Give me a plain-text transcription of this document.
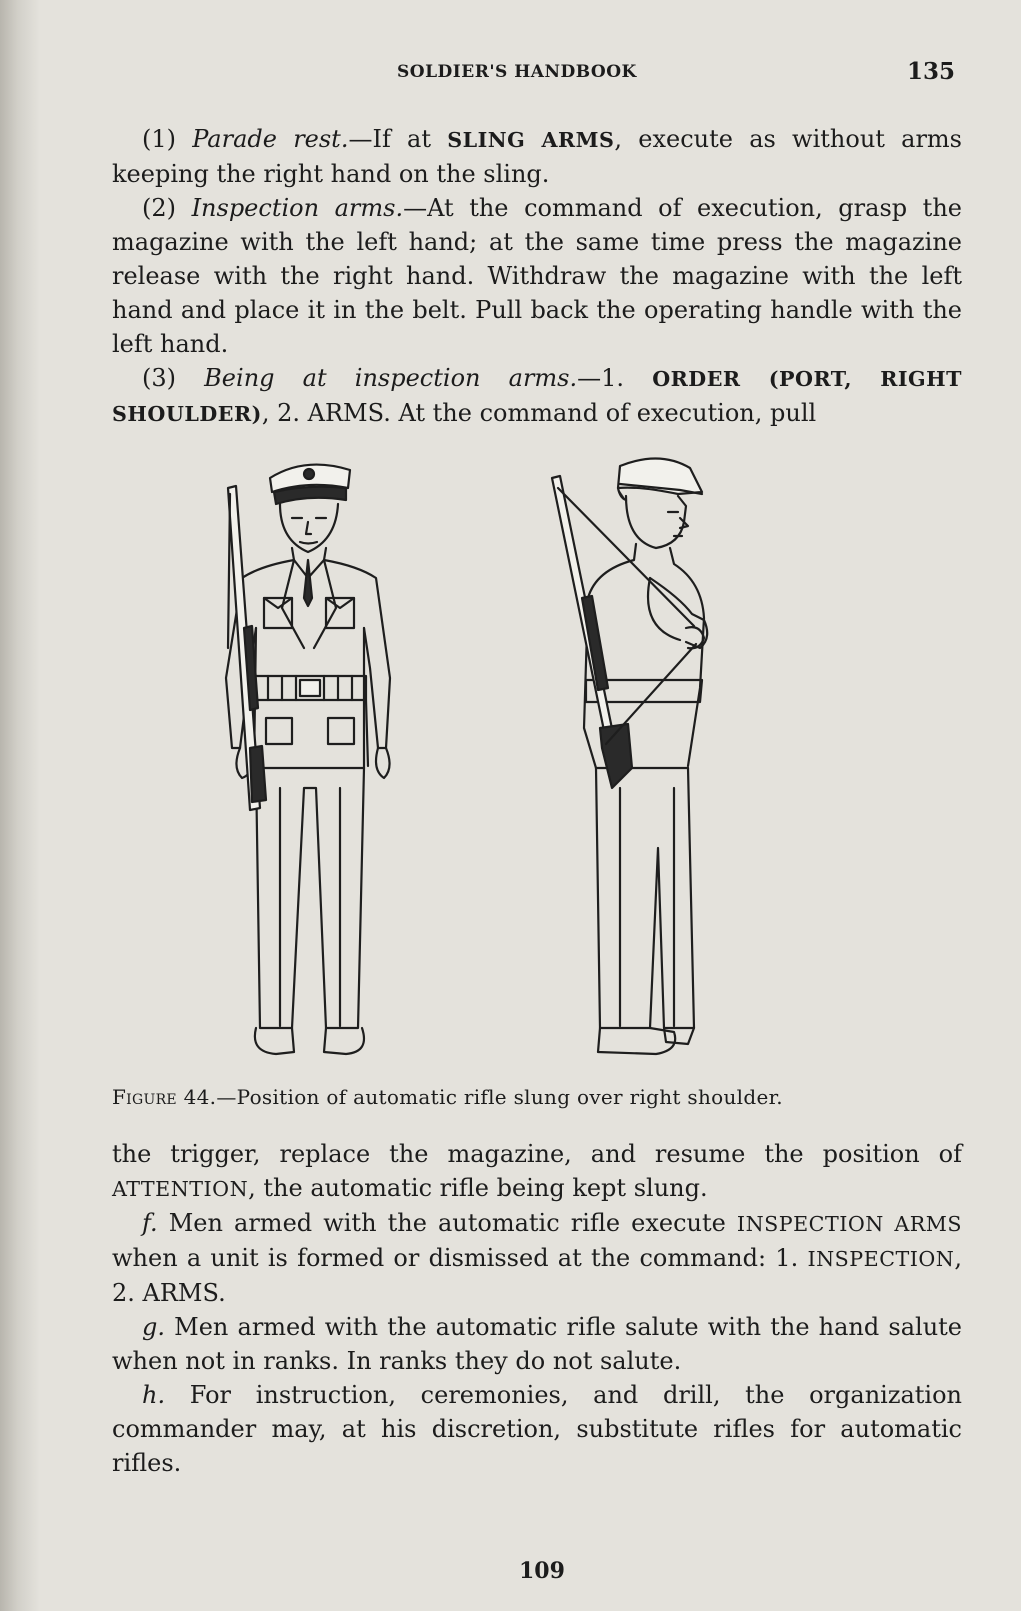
SOLDIER'S HANDBOOK	135

(1) Parade rest.—If at SLING ARMS, execute as without arms keeping the right hand on the sling.

(2) Inspection arms.—At the command of execution, grasp the magazine with the left hand; at the same time press the magazine release with the right hand. Withdraw the magazine with the left hand and place it in the belt. Pull back the operating handle with the left hand.

(3) Being at inspection arms.—1. ORDER (PORT, RIGHT SHOULDER), 2. ARMS. At the command of execution, pull

Figure 44.—Position of automatic rifle slung over right shoulder.

the trigger, replace the magazine, and resume the position of ATTENTION, the automatic rifle being kept slung.

f. Men armed with the automatic rifle execute INSPECTION ARMS when a unit is formed or dismissed at the command: 1. INSPECTION, 2. ARMS.

g. Men armed with the automatic rifle salute with the hand salute when not in ranks. In ranks they do not salute.

h. For instruction, ceremonies, and drill, the organization commander may, at his discretion, substitute rifles for automatic rifles.

109
